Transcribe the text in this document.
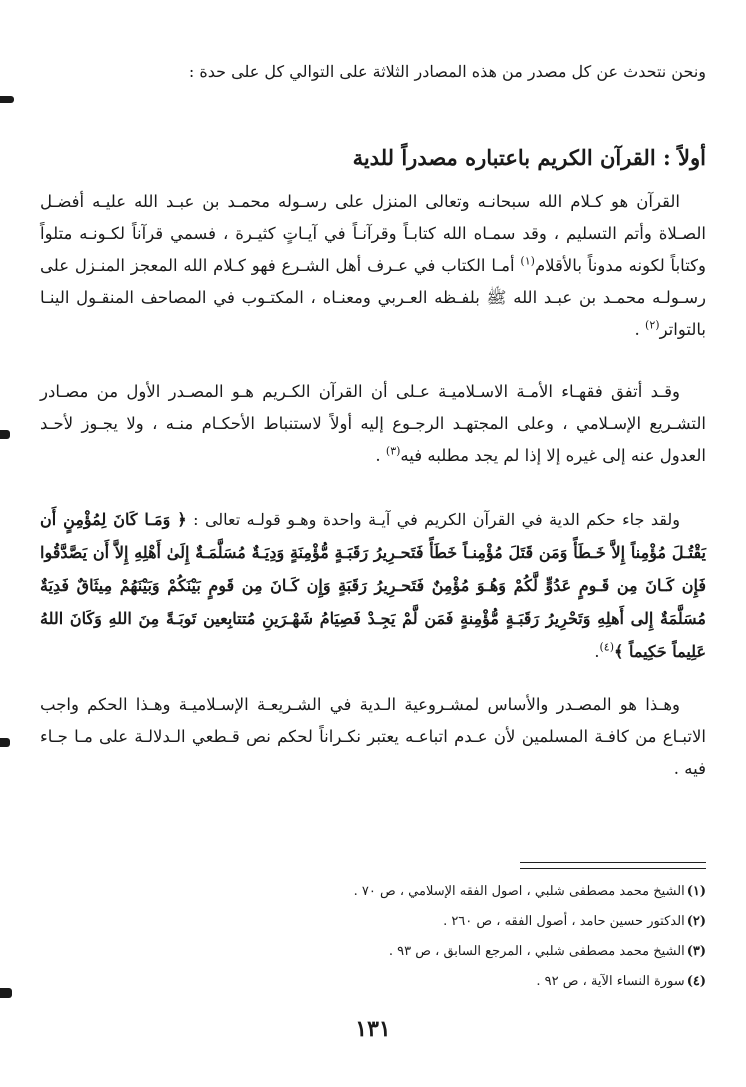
ونحن نتحدث عن كل مصدر من هذه المصادر الثلاثة على التوالي كل على حدة :

أولاً : القرآن الكريم باعتباره مصدراً للدية

القرآن هو كـلام الله سبحانـه وتعالى المنزل على رسـوله محمـد بن عبـد الله عليـه أفضـل الصـلاة وأتم التسليم ، وقد سمـاه الله كتابـاً وقرآنـاً في آيـاتٍ كثيـرة ، فسمي قرآناً لكـونـه متلواً وكتاباً لكونه مدوناً بالأقلام$^{(١)}$ أمـا الكتاب في عـرف أهل الشـرع فهو كـلام الله المعجز المنـزل على رسـولـه محمـد بن عبـد الله ﷺ بلفـظه العـربي ومعنـاه ، المكتـوب في المصاحف المنقـول الينـا بالتواتر$^{(٢)}$ .

وقـد أتفق فقهـاء الأمـة الاسـلاميـة عـلى أن القرآن الكـريم هـو المصـدر الأول من مصـادر التشـريع الإسـلامي ، وعلى المجتهـد الرجـوع إليه أولاً لاستنباط الأحكـام منـه ، ولا يجـوز لأحـد العدول عنه إلى غيره إلا إذا لم يجد مطلبه فيه$^{(٣)}$ .

ولقد جاء حكم الدية في القرآن الكريم في آيـة واحدة وهـو قولـه تعالى : ﴿ وَمَـا كَانَ لِمُؤْمِنٍ أَن يَقْتُـلَ مُؤْمِناً إِلاَّ خَـطَأً وَمَن قَتَلَ مُؤْمِنـاً خَطَأً فَتَحـرِيرُ رَقَبَـةٍ مُّؤْمِنَةٍ وَدِيَـةٌ مُسَلَّمَـةٌ إِلَىٰ أَهْلِهِ إِلاَّ أَن يَصَّدَّقُوا فَإِن كَـانَ مِن قَـومٍ عَدُوٍّ لَّكُمْ وَهُـوَ مُؤْمِنٌ فَتَحـرِيرُ رَقَبَةٍ وَإِن كَـانَ مِن قَومٍ بَيْنَكُمْ وَبَيْنَهُمْ مِيثَاقٌ فَدِيَةٌ مُسَلَّمَةٌ إِلى أَهلِهِ وَتَحْرِيرُ رَقَبَـةٍ مُّؤْمِنةٍ فَمَن لَّمْ يَجِـدْ فَصِيَامُ شَهْـرَينِ مُتتابِعين تَوبَـةً مِنَ اللهِ وَكَانَ اللهُ عَلِيماً حَكِيماً ﴾$^{(٤)}$.

وهـذا هو المصـدر والأساس لمشـروعية الـدية في الشـريعـة الإسـلاميـة وهـذا الحكم واجب الاتبـاع من كافـة المسلمين لأن عـدم اتباعـه يعتبر نكـراناً لحكم نص قـطعي الـدلالـة على مـا جـاء فيه .

(١)الشيخ محمد مصطفى شلبي ، اصول الفقه الإسلامي ، ص ٧٠ .
(٢)الدكتور حسين حامد ، أصول الفقه ، ص ٢٦٠ .
(٣)الشيخ محمد مصطفى شلبي ، المرجع السابق ، ص ٩٣ .
(٤)سورة النساء الآية ، ص ٩٢ .
١٣١
